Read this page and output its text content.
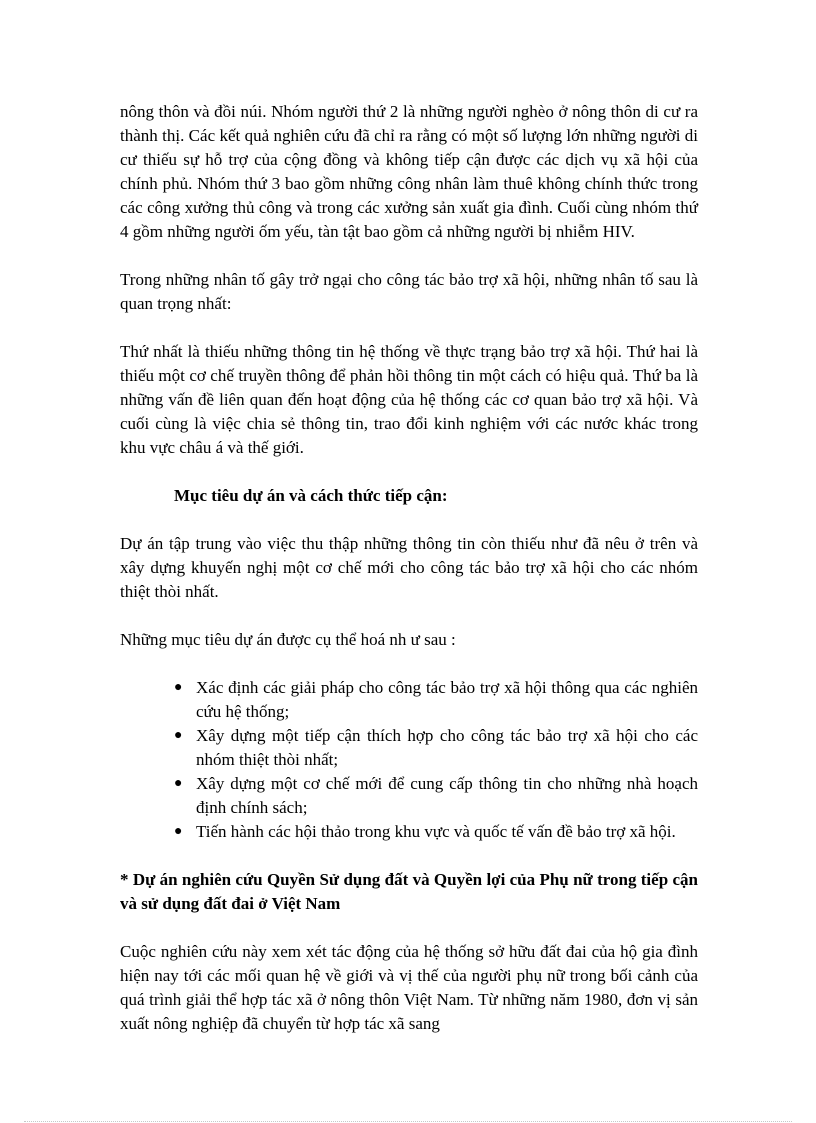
nông thôn và đồi núi. Nhóm người thứ 2 là những người nghèo ở nông thôn di cư ra thành thị. Các kết quả nghiên cứu đã chỉ ra rằng có một số lượng lớn những người di cư thiếu sự hỗ trợ của cộng đồng và không tiếp cận được các dịch vụ xã hội của chính phủ. Nhóm thứ 3 bao gồm những công nhân làm thuê không chính thức trong các công xưởng thủ công và trong các xưởng sản xuất gia đình. Cuối cùng nhóm thứ 4 gồm những người ốm yếu, tàn tật bao gồm cả những người bị nhiễm HIV.

Trong những nhân tố gây trở ngại cho công tác bảo trợ xã hội, những nhân tố sau là quan trọng nhất:

Thứ nhất là thiếu những thông tin hệ thống về thực trạng bảo trợ xã hội. Thứ hai là thiếu một cơ chế truyền thông để phản hồi thông tin một cách có hiệu quả. Thứ ba là những vấn đề liên quan đến hoạt động của hệ thống các cơ quan bảo trợ xã hội. Và cuối cùng là việc chia sẻ thông tin, trao đổi kinh nghiệm với các nước khác trong khu vực châu á và thế giới.

Mục tiêu dự án và cách thức tiếp cận:

Dự án tập trung vào việc thu thập những thông tin còn thiếu như đã nêu ở trên và xây dựng khuyến nghị một cơ chế mới cho công tác bảo trợ xã hội cho các nhóm thiệt thòi nhất.

Những mục tiêu dự án được cụ thể hoá nh ư sau :

● Xác định các giải pháp cho công tác bảo trợ xã hội thông qua các nghiên cứu hệ thống;
● Xây dựng một tiếp cận thích hợp cho công tác bảo trợ xã hội cho các nhóm thiệt thòi nhất;
● Xây dựng một cơ chế mới để cung cấp thông tin cho những nhà hoạch định chính sách;
● Tiến hành các hội thảo trong khu vực và quốc tế vấn đề bảo trợ xã hội.

* Dự án nghiên cứu Quyền Sử dụng đất và Quyền lợi của Phụ nữ trong tiếp cận và sử dụng đất đai ở Việt Nam

Cuộc nghiên cứu này xem xét tác động của hệ thống sở hữu đất đai của hộ gia đình hiện nay tới các mối quan hệ về giới và vị thế của người phụ nữ trong bối cảnh của quá trình giải thể hợp tác xã ở nông thôn Việt Nam. Từ những năm 1980, đơn vị sản xuất nông nghiệp đã chuyển từ hợp tác xã sang
